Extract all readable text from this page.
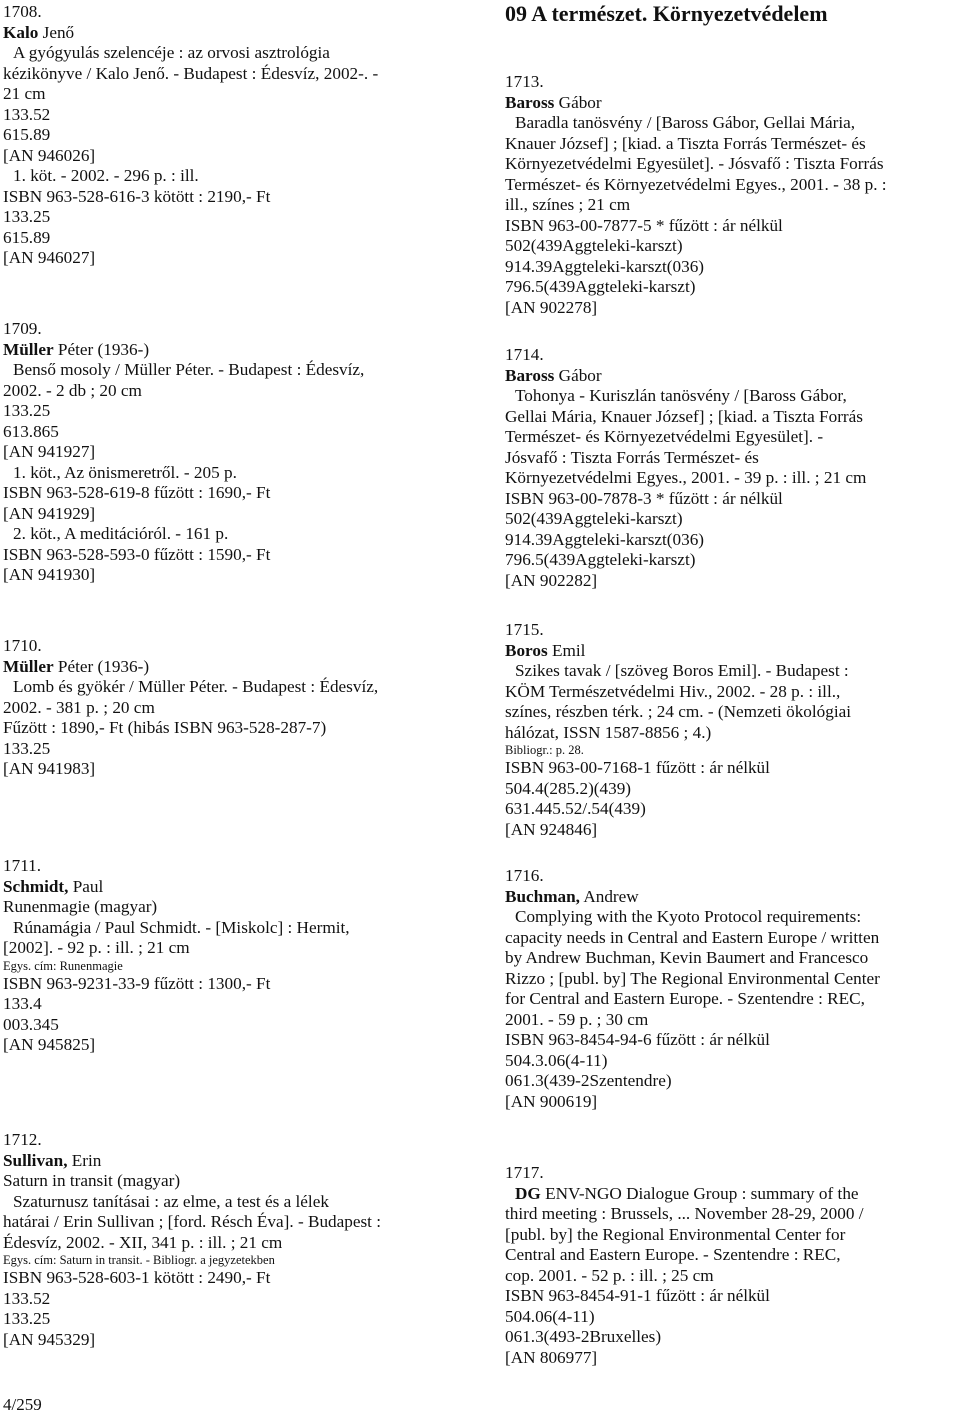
1708.
Kalo Jenő
A gyógyulás szelencéje : az orvosi asztrológia
kézikönyve / Kalo Jenő. - Budapest : Édesvíz, 2002-. -
21 cm
133.52
615.89
[AN 946026]
1. köt. - 2002. - 296 p. : ill.
ISBN 963-528-616-3 kötött : 2190,- Ft
133.25
615.89
[AN 946027]
1709.
Müller Péter (1936-)
Benső mosoly / Müller Péter. - Budapest : Édesvíz,
2002. - 2 db ; 20 cm
133.25
613.865
[AN 941927]
1. köt., Az önismeretről. - 205 p.
ISBN 963-528-619-8 fűzött : 1690,- Ft
[AN 941929]
2. köt., A meditációról. - 161 p.
ISBN 963-528-593-0 fűzött : 1590,- Ft
[AN 941930]
1710.
Müller Péter (1936-)
Lomb és gyökér / Müller Péter. - Budapest : Édesvíz,
2002. - 381 p. ; 20 cm
Fűzött : 1890,- Ft (hibás ISBN 963-528-287-7)
133.25
[AN 941983]
1711.
Schmidt, Paul
Runenmagie (magyar)
Rúnamágia / Paul Schmidt. - [Miskolc] : Hermit,
[2002]. - 92 p. : ill. ; 21 cm
Egys. cím: Runenmagie
ISBN 963-9231-33-9 fűzött : 1300,- Ft
133.4
003.345
[AN 945825]
1712.
Sullivan, Erin
Saturn in transit (magyar)
Szaturnusz tanításai : az elme, a test és a lélek
határai / Erin Sullivan ; [ford. Résch Éva]. - Budapest :
Édesvíz, 2002. - XII, 341 p. : ill. ; 21 cm
Egys. cím: Saturn in transit. - Bibliogr. a jegyzetekben
ISBN 963-528-603-1 kötött : 2490,- Ft
133.52
133.25
[AN 945329]
09 A természet. Környezetvédelem
1713.
Baross Gábor
Baradla tanösvény / [Baross Gábor, Gellai Mária,
Knauer József] ; [kiad. a Tiszta Forrás Természet- és
Környezetvédelmi Egyesület]. - Jósvafő : Tiszta Forrás
Természet- és Környezetvédelmi Egyes., 2001. - 38 p. :
ill., színes ; 21 cm
ISBN 963-00-7877-5 * fűzött : ár nélkül
502(439Aggteleki-karszt)
914.39Aggteleki-karszt(036)
796.5(439Aggteleki-karszt)
[AN 902278]
1714.
Baross Gábor
Tohonya - Kuriszlán tanösvény / [Baross Gábor,
Gellai Mária, Knauer József] ; [kiad. a Tiszta Forrás
Természet- és Környezetvédelmi Egyesület]. -
Jósvafő : Tiszta Forrás Természet- és
Környezetvédelmi Egyes., 2001. - 39 p. : ill. ; 21 cm
ISBN 963-00-7878-3 * fűzött : ár nélkül
502(439Aggteleki-karszt)
914.39Aggteleki-karszt(036)
796.5(439Aggteleki-karszt)
[AN 902282]
1715.
Boros Emil
Szikes tavak / [szöveg Boros Emil]. - Budapest :
KÖM Természetvédelmi Hiv., 2002. - 28 p. : ill.,
színes, részben térk. ; 24 cm. - (Nemzeti ökológiai
hálózat, ISSN 1587-8856 ; 4.)
Bibliogr.: p. 28.
ISBN 963-00-7168-1 fűzött : ár nélkül
504.4(285.2)(439)
631.445.52/.54(439)
[AN 924846]
1716.
Buchman, Andrew
Complying with the Kyoto Protocol requirements:
capacity needs in Central and Eastern Europe / written
by Andrew Buchman, Kevin Baumert and Francesco
Rizzo ; [publ. by] The Regional Environmental Center
for Central and Eastern Europe. - Szentendre : REC,
2001. - 59 p. ; 30 cm
ISBN 963-8454-94-6 fűzött : ár nélkül
504.3.06(4-11)
061.3(439-2Szentendre)
[AN 900619]
1717.
DG ENV-NGO Dialogue Group : summary of the
third meeting : Brussels, ... November 28-29, 2000 /
[publ. by] the Regional Environmental Center for
Central and Eastern Europe. - Szentendre : REC,
cop. 2001. - 52 p. : ill. ; 25 cm
ISBN 963-8454-91-1 fűzött : ár nélkül
504.06(4-11)
061.3(493-2Bruxelles)
[AN 806977]
4/259
